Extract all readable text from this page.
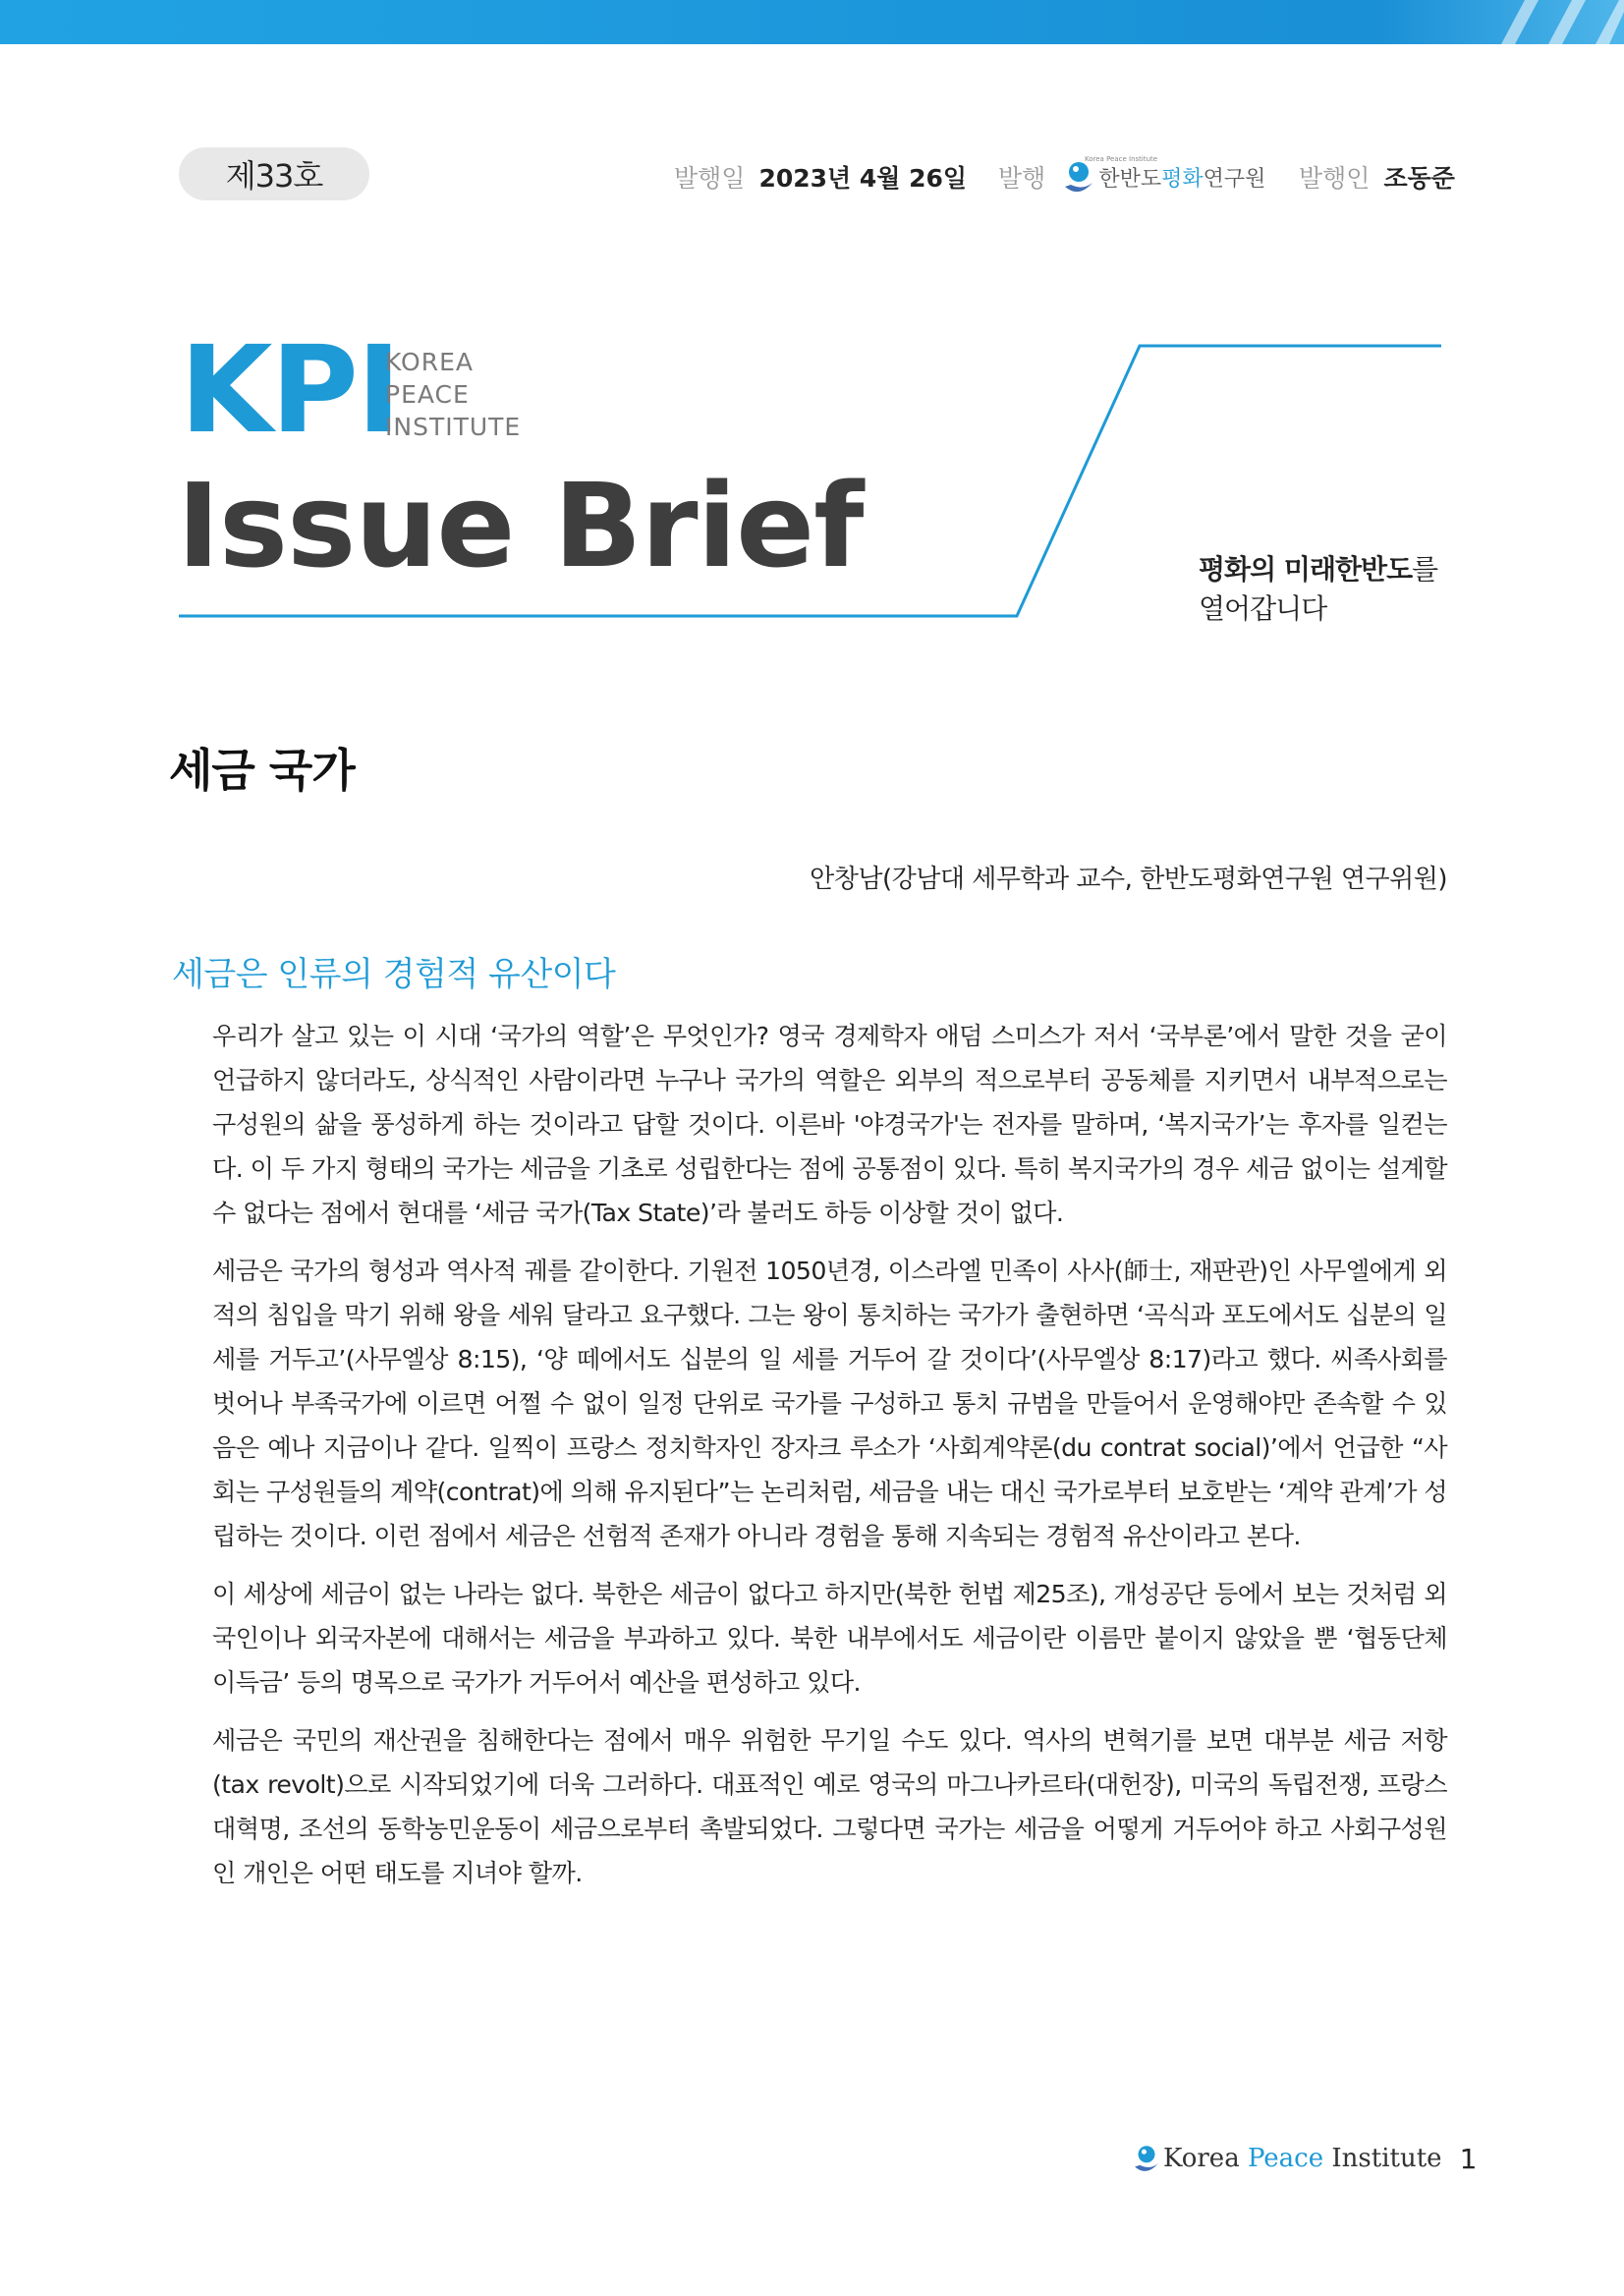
제33호	발행일 2023년 4월 26일 발행 한반도평화연구원
Korea Peace Institute
발행인 조동준
KPI
KOREA
PEACE
INSTITUTE
Issue Brief	평화의 미래한반도를
열어갑니다
세금 국가
안창남(강남대 세무학과 교수, 한반도평화연구원 연구위원)
세금은 인류의 경험적 유산이다

우리가 살고 있는 이 시대 ‘국가의 역할’은 무엇인가? 영국 경제학자 애덤 스미스가 저서 ‘국부론’에서 말한 것을 굳이 언급하지 않더라도, 상식적인 사람이라면 누구나 국가의 역할은 외부의 적으로부터 공동체를 지키면서 내부적으로는 구성원의 삶을 풍성하게 하는 것이라고 답할 것이다. 이른바 '야경국가'는 전자를 말하며, ‘복지국가’는 후자를 일컫는다. 이 두 가지 형태의 국가는 세금을 기초로 성립한다는 점에 공통점이 있다. 특히 복지국가의 경우 세금 없이는 설계할 수 없다는 점에서 현대를 ‘세금 국가(Tax State)’라 불러도 하등 이상할 것이 없다.

세금은 국가의 형성과 역사적 궤를 같이한다. 기원전 1050년경, 이스라엘 민족이 사사(師士, 재판관)인 사무엘에게 외적의 침입을 막기 위해 왕을 세워 달라고 요구했다. 그는 왕이 통치하는 국가가 출현하면 ‘곡식과 포도에서도 십분의 일 세를 거두고’(사무엘상 8:15), ‘양 떼에서도 십분의 일 세를 거두어 갈 것이다’(사무엘상 8:17)라고 했다. 씨족사회를 벗어나 부족국가에 이르면 어쩔 수 없이 일정 단위로 국가를 구성하고 통치 규범을 만들어서 운영해야만 존속할 수 있음은 예나 지금이나 같다. 일찍이 프랑스 정치학자인 장자크 루소가 ‘사회계약론(du contrat social)’에서 언급한 “사회는 구성원들의 계약(contrat)에 의해 유지된다”는 논리처럼, 세금을 내는 대신 국가로부터 보호받는 ‘계약 관계’가 성립하는 것이다. 이런 점에서 세금은 선험적 존재가 아니라 경험을 통해 지속되는 경험적 유산이라고 본다.

이 세상에 세금이 없는 나라는 없다. 북한은 세금이 없다고 하지만(북한 헌법 제25조), 개성공단 등에서 보는 것처럼 외국인이나 외국자본에 대해서는 세금을 부과하고 있다. 북한 내부에서도 세금이란 이름만 붙이지 않았을 뿐 ‘협동단체 이득금’ 등의 명목으로 국가가 거두어서 예산을 편성하고 있다.

세금은 국민의 재산권을 침해한다는 점에서 매우 위험한 무기일 수도 있다. 역사의 변혁기를 보면 대부분 세금 저항(tax revolt)으로 시작되었기에 더욱 그러하다. 대표적인 예로 영국의 마그나카르타(대헌장), 미국의 독립전쟁, 프랑스 대혁명, 조선의 동학농민운동이 세금으로부터 촉발되었다. 그렇다면 국가는 세금을 어떻게 거두어야 하고 사회구성원인 개인은 어떤 태도를 지녀야 할까.

Korea Peace Institute 1
